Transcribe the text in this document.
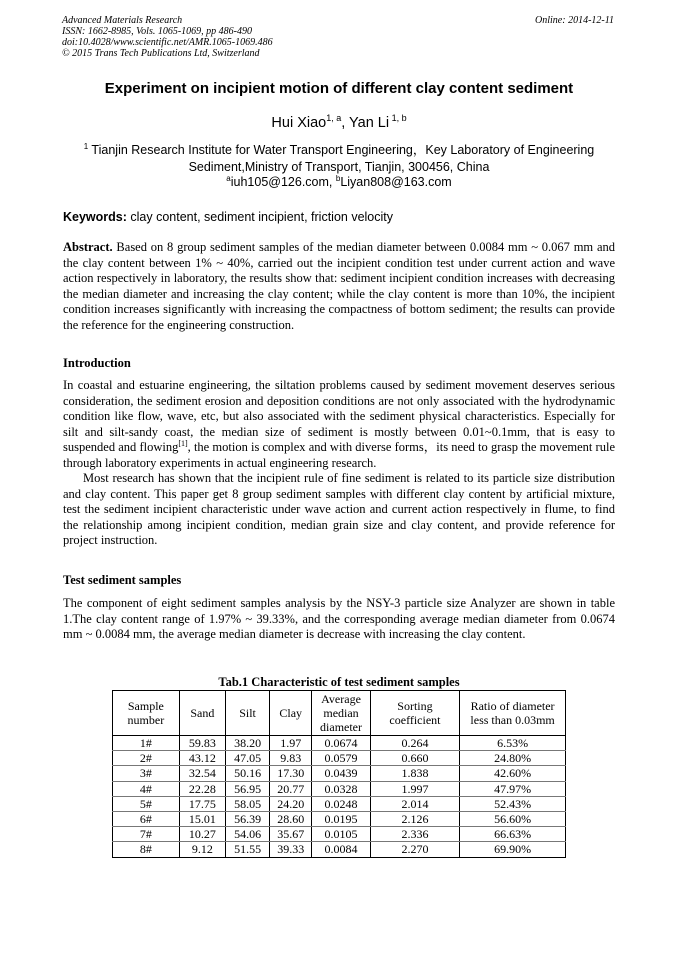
Advanced Materials Research	Online: 2014-12-11
ISSN: 1662-8985, Vols. 1065-1069, pp 486-490
doi:10.4028/www.scientific.net/AMR.1065-1069.486
© 2015 Trans Tech Publications Ltd, Switzerland
Experiment on incipient motion of different clay content sediment
Hui Xiao$^{1, a}$, Yan Li $^{1, b}$
$^1$ Tianjin Research Institute for Water Transport Engineering，Key Laboratory of Engineering
Sediment,Ministry of Transport, Tianjin, 300456, China
$^a$iuh105@126.com, $^b$Liyan808@163.com
Keywords: clay content, sediment incipient, friction velocity
Abstract. Based on 8 group sediment samples of the median diameter between 0.0084 mm ~ 0.067 mm and the clay content between 1% ~ 40%, carried out the incipient condition test under current action and wave action respectively in laboratory, the results show that: sediment incipient condition increases with decreasing the median diameter and increasing the clay content; while the clay content is more than 10%, the incipient condition increases significantly with increasing the compactness of bottom sediment; the results can provide the reference for the engineering construction.
Introduction
In coastal and estuarine engineering, the siltation problems caused by sediment movement deserves serious consideration, the sediment erosion and deposition conditions are not only associated with the hydrodynamic condition like flow, wave, etc, but also associated with the sediment physical characteristics. Especially for silt and silt-sandy coast, the median size of sediment is mostly between 0.01~0.1mm, that is easy to suspended and flowing[1], the motion is complex and with diverse forms，its need to grasp the movement rule through laboratory experiments in actual engineering research.
Most research has shown that the incipient rule of fine sediment is related to its particle size distribution and clay content. This paper get 8 group sediment samples with different clay content by artificial mixture, test the sediment incipient characteristic under wave action and current action respectively in flume, to find the relationship among incipient condition, median grain size and clay content, and provide reference for project instruction.
Test sediment samples
The component of eight sediment samples analysis by the NSY-3 particle size Analyzer are shown in table 1.The clay content range of 1.97% ~ 39.33%, and the corresponding average median diameter from 0.0674 mm ~ 0.0084 mm, the average median diameter is decrease with increasing the clay content.
Tab.1 Characteristic of test sediment samples
Sample number	Sand	Silt	Clay	Average median diameter	Sorting coefficient	Ratio of diameter less than 0.03mm
1#	59.83	38.20	1.97	0.0674	0.264	6.53%
2#	43.12	47.05	9.83	0.0579	0.660	24.80%
3#	32.54	50.16	17.30	0.0439	1.838	42.60%
4#	22.28	56.95	20.77	0.0328	1.997	47.97%
5#	17.75	58.05	24.20	0.0248	2.014	52.43%
6#	15.01	56.39	28.60	0.0195	2.126	56.60%
7#	10.27	54.06	35.67	0.0105	2.336	66.63%
8#	9.12	51.55	39.33	0.0084	2.270	69.90%
